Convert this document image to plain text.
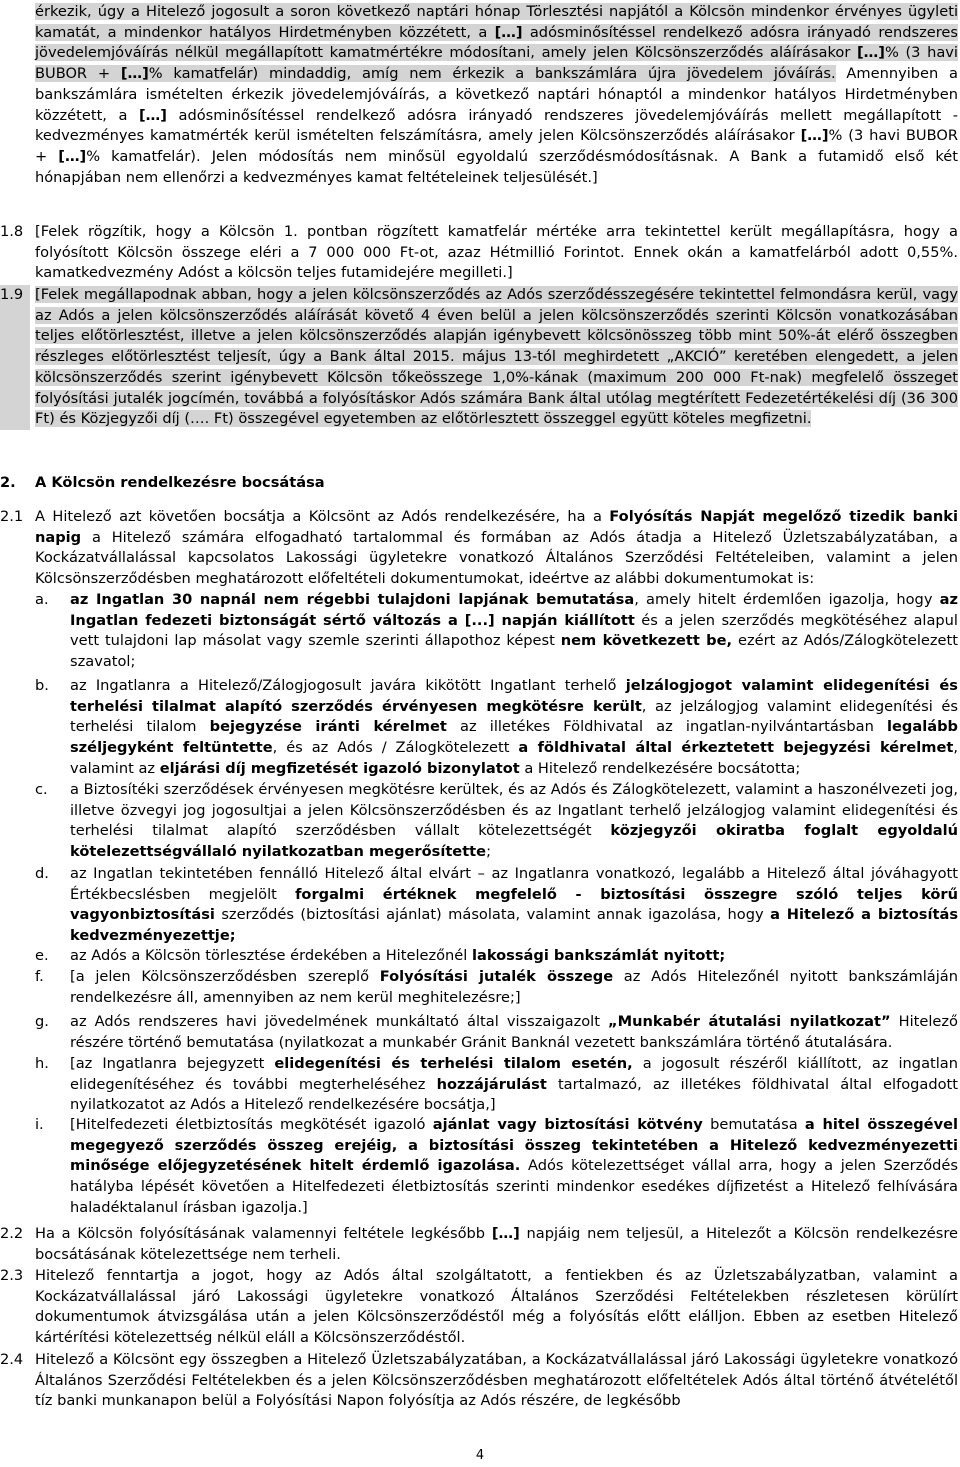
érkezik, úgy a Hitelező jogosult a soron következő naptári hónap Törlesztési napjától a Kölcsön mindenkor érvényes ügyleti kamatát, a mindenkor hatályos Hirdetményben közzétett, a […] adósminősítéssel rendelkező adósra irányadó rendszeres jövedelemjóváírás nélkül megállapított kamatmértékre módosítani, amely jelen Kölcsönszerződés aláírásakor […]% (3 havi BUBOR + […]% kamatfelár) mindaddig, amíg nem érkezik a bankszámlára újra jövedelem jóváírás. Amennyiben a bankszámlára ismételten érkezik jövedelemjóváírás, a következő naptári hónaptól a mindenkor hatályos Hirdetményben közzétett, a […] adósminősítéssel rendelkező adósra irányadó rendszeres jövedelemjóváírás mellett megállapított - kedvezményes kamatmérték kerül ismételten felszámításra, amely jelen Kölcsönszerződés aláírásakor […]% (3 havi BUBOR + […]% kamatfelár). Jelen módosítás nem minősül egyoldalú szerződésmódosításnak. A Bank a futamidő első két hónapjában nem ellenőrzi a kedvezményes kamat feltételeinek teljesülését.]
1.8 [Felek rögzítik, hogy a Kölcsön 1. pontban rögzített kamatfelár mértéke arra tekintettel került megállapításra, hogy a folyósított Kölcsön összege eléri a 7 000 000 Ft-ot, azaz Hétmillió Forintot. Ennek okán a kamatfelárból adott 0,55%. kamatkedvezmény Adóst a kölcsön teljes futamidejére megilleti.]
1.9 [Felek megállapodnak abban, hogy a jelen kölcsönszerződés az Adós szerződésszegésére tekintettel felmondásra kerül, vagy az Adós a jelen kölcsönszerződés aláírását követő 4 éven belül a jelen kölcsönszerződés szerinti Kölcsön vonatkozásában teljes előtörlesztést, illetve a jelen kölcsönszerződés alapján igénybevett kölcsönösszeg több mint 50%-át elérő összegben részleges előtörlesztést teljesít, úgy a Bank által 2015. május 13-tól meghirdetett „AKCIÓ” keretében elengedett, a jelen kölcsönszerződés szerint igénybevett Kölcsön tőkeösszege 1,0%-kának (maximum 200 000 Ft-nak) megfelelő összeget folyósítási jutalék jogcímén, továbbá a folyósításkor Adós számára Bank által utólag megtérített Fedezetértékelési díj (36 300 Ft) és Közjegyzői díj (…. Ft) összegével egyetemben az előtörlesztett összeggel együtt köteles megfizetni.
2.	A Kölcsön rendelkezésre bocsátása
2.1 A Hitelező azt követően bocsátja a Kölcsönt az Adós rendelkezésére, ha a Folyósítás Napját megelőző tizedik banki napig a Hitelező számára elfogadható tartalommal és formában az Adós átadja a Hitelező Üzletszabályzatában, a Kockázatvállalással kapcsolatos Lakossági ügyletekre vonatkozó Általános Szerződési Feltételeiben, valamint a jelen Kölcsönszerződésben meghatározott előfeltételi dokumentumokat, ideértve az alábbi dokumentumokat is:
a.	az Ingatlan 30 napnál nem régebbi tulajdoni lapjának bemutatása, amely hitelt érdemlően igazolja, hogy az Ingatlan fedezeti biztonságát sértő változás a [...] napján kiállított és a jelen szerződés megkötéséhez alapul vett tulajdoni lap másolat vagy szemle szerinti állapothoz képest nem következett be, ezért az Adós/Zálogkötelezett szavatol;
b.	az Ingatlanra a Hitelező/Zálogjogosult javára kikötött Ingatlant terhelő jelzálogjogot valamint elidegenítési és terhelési tilalmat alapító szerződés érvényesen megkötésre került, az jelzálogjog valamint elidegenítési és terhelési tilalom bejegyzése iránti kérelmet az illetékes Földhivatal az ingatlan-nyilvántartásban legalább széljegyként feltüntette, és az Adós / Zálogkötelezett a földhivatal által érkeztetett bejegyzési kérelmet, valamint az eljárási díj megfizetését igazoló bizonylatot a Hitelező rendelkezésére bocsátotta;
c.	a Biztosítéki szerződések érvényesen megkötésre kerültek, és az Adós és Zálogkötelezett, valamint a haszonélvezeti jog, illetve özvegyi jog jogosultjai a jelen Kölcsönszerződésben és az Ingatlant terhelő jelzálogjog valamint elidegenítési és terhelési tilalmat alapító szerződésben vállalt kötelezettségét közjegyzői okiratba foglalt egyoldalú kötelezettségvállaló nyilatkozatban megerősítette;
d.	az Ingatlan tekintetében fennálló Hitelező által elvárt – az Ingatlanra vonatkozó, legalább a Hitelező által jóváhagyott Értékbecslésben megjelölt forgalmi értéknek megfelelő - biztosítási összegre szóló teljes körű vagyonbiztosítási szerződés (biztosítási ajánlat) másolata, valamint annak igazolása, hogy a Hitelező a biztosítás kedvezményezettje;
e.	az Adós a Kölcsön törlesztése érdekében a Hitelezőnél lakossági bankszámlát nyitott;
f.	[a jelen Kölcsönszerződésben szereplő Folyósítási jutalék összege az Adós Hitelezőnél nyitott bankszámláján rendelkezésre áll, amennyiben az nem kerül meghitelezésre;]
g.	az Adós rendszeres havi jövedelmének munkáltató által visszaigazolt „Munkabér átutalási nyilatkozat” Hitelező részére történő bemutatása (nyilatkozat a munkabér Gránit Banknál vezetett bankszámlára történő átutalására.
h.	[az Ingatlanra bejegyzett elidegenítési és terhelési tilalom esetén, a jogosult részéről kiállított, az ingatlan elidegenítéséhez és további megterheléséhez hozzájárulást tartalmazó, az illetékes földhivatal által elfogadott nyilatkozatot az Adós a Hitelező rendelkezésére bocsátja,]
i.	[Hitelfedezeti életbiztosítás megkötését igazoló ajánlat vagy biztosítási kötvény bemutatása a hitel összegével megegyező szerződés összeg erejéig, a biztosítási összeg tekintetében a Hitelező kedvezményezetti minősége előjegyzetésének hitelt érdemlő igazolása. Adós kötelezettséget vállal arra, hogy a jelen Szerződés hatályba lépését követően a Hitelfedezeti életbiztosítás szerinti mindenkor esedékes díjfizetést a Hitelező felhívására haladéktalanul írásban igazolja.]
2.2 Ha a Kölcsön folyósításának valamennyi feltétele legkésőbb […] napjáig nem teljesül, a Hitelezőt a Kölcsön rendelkezésre bocsátásának kötelezettsége nem terheli.
2.3 Hitelező fenntartja a jogot, hogy az Adós által szolgáltatott, a fentiekben és az Üzletszabályzatban, valamint a Kockázatvállalással járó Lakossági ügyletekre vonatkozó Általános Szerződési Feltételekben részletesen körülírt dokumentumok átvizsgálása után a jelen Kölcsönszerződéstől még a folyósítás előtt elálljon. Ebben az esetben Hitelező kártérítési kötelezettség nélkül eláll a Kölcsönszerződéstől.
2.4 Hitelező a Kölcsönt egy összegben a Hitelező Üzletszabályzatában, a Kockázatvállalással járó Lakossági ügyletekre vonatkozó Általános Szerződési Feltételekben és a jelen Kölcsönszerződésben meghatározott előfeltételek Adós által történő átvételétől tíz banki munkanapon belül a Folyósítási Napon folyósítja az Adós részére, de legkésőbb
4
